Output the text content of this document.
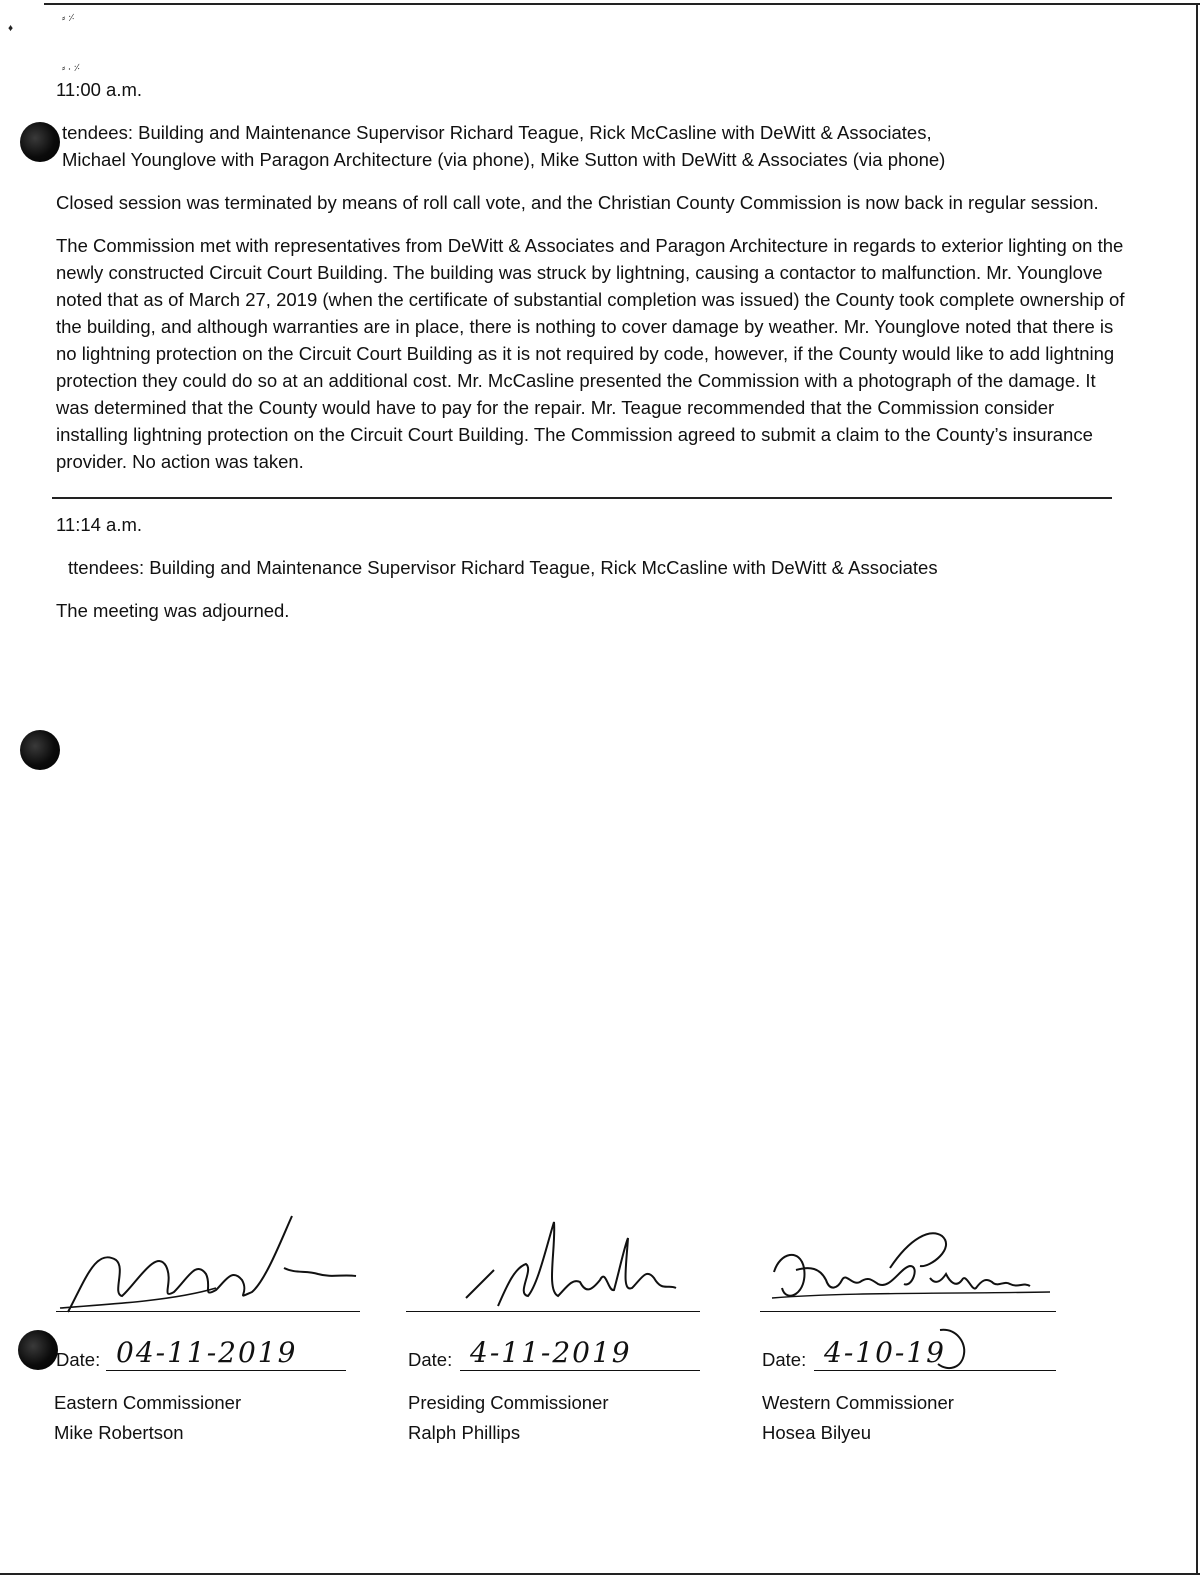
♦
⸗ ⸓
⸗ ⸳ ⸓
11:00 a.m.
tendees: Building and Maintenance Supervisor Richard Teague, Rick McCasline with DeWitt & Associates,
Michael Younglove with Paragon Architecture (via phone), Mike Sutton with DeWitt & Associates (via phone)
Closed session was terminated by means of roll call vote, and the Christian County Commission is now back in regular session.
The Commission met with representatives from DeWitt & Associates and Paragon Architecture in regards to exterior lighting on the newly constructed Circuit Court Building. The building was struck by lightning, causing a contactor to malfunction. Mr. Younglove noted that as of March 27, 2019 (when the certificate of substantial completion was issued) the County took complete ownership of the building, and although warranties are in place, there is nothing to cover damage by weather. Mr. Younglove noted that there is no lightning protection on the Circuit Court Building as it is not required by code, however, if the County would like to add lightning protection they could do so at an additional cost. Mr. McCasline presented the Commission with a photograph of the damage. It was determined that the County would have to pay for the repair. Mr. Teague recommended that the Commission consider installing lightning protection on the Circuit Court Building. The Commission agreed to submit a claim to the County’s insurance provider. No action was taken.
11:14 a.m.
ttendees: Building and Maintenance Supervisor Richard Teague, Rick McCasline with DeWitt & Associates
The meeting was adjourned.
Date: 04-11-2019
Eastern Commissioner
Mike Robertson
Date: 4-11-2019
Presiding Commissioner
Ralph Phillips
Date: 4-10-19
Western Commissioner
Hosea Bilyeu
